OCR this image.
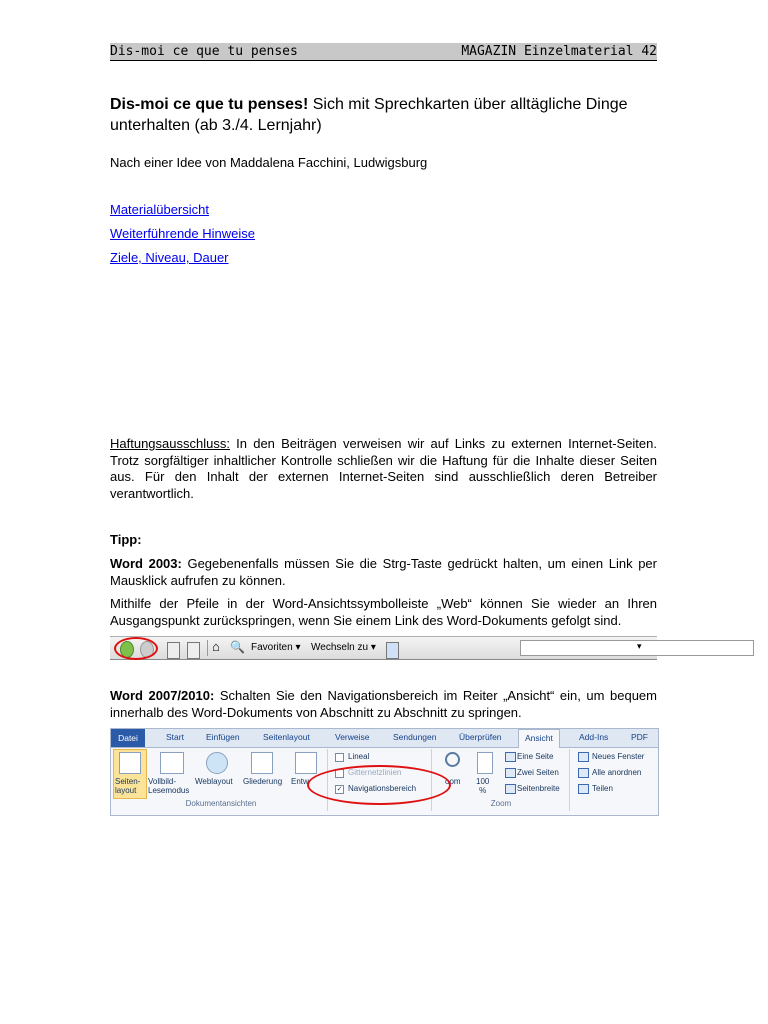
Dis-moi ce que tu penses	MAGAZIN Einzelmaterial 42
Dis-moi ce que tu penses! Sich mit Sprechkarten über alltägliche Dinge unterhalten (ab 3./4. Lernjahr)
Nach einer Idee von Maddalena Facchini, Ludwigsburg
Materialübersicht
Weiterführende Hinweise
Ziele, Niveau, Dauer
Haftungsausschluss: In den Beiträgen verweisen wir auf Links zu externen Internet-Seiten. Trotz sorgfältiger inhaltlicher Kontrolle schließen wir die Haftung für die Inhalte dieser Seiten aus. Für den Inhalt der externen Internet-Seiten sind ausschließlich deren Betreiber verantwortlich.
Tipp:
Word 2003: Gegebenenfalls müssen Sie die Strg-Taste gedrückt halten, um einen Link per Mausklick aufrufen zu können.
Mithilfe der Pfeile in der Word-Ansichtssymbolleiste „Web“ können Sie wieder an Ihren Ausgangspunkt zurückspringen, wenn Sie einem Link des Word-Dokuments gefolgt sind.
⌂ 🔍 Favoriten ▾ Wechseln zu ▾	▾
Word 2007/2010: Schalten Sie den Navigationsbereich im Reiter „Ansicht“ ein, um bequem innerhalb des Word-Dokuments von Abschnitt zu Abschnitt zu springen.
Datei	Start	Einfügen	Seitenlayout	Verweise	Sendungen	Überprüfen	Ansicht	Add-Ins	PDF
Seiten-
layout
Vollbild-
Lesemodus
Weblayout Gliederung Entw
Dokumentansichten
Lineal
Gitternetzlinien
✓ Navigationsbereich
oom 100
%
Eine Seite
Zwei Seiten
Seitenbreite
Zoom
Neues Fenster
Alle anordnen
Teilen
